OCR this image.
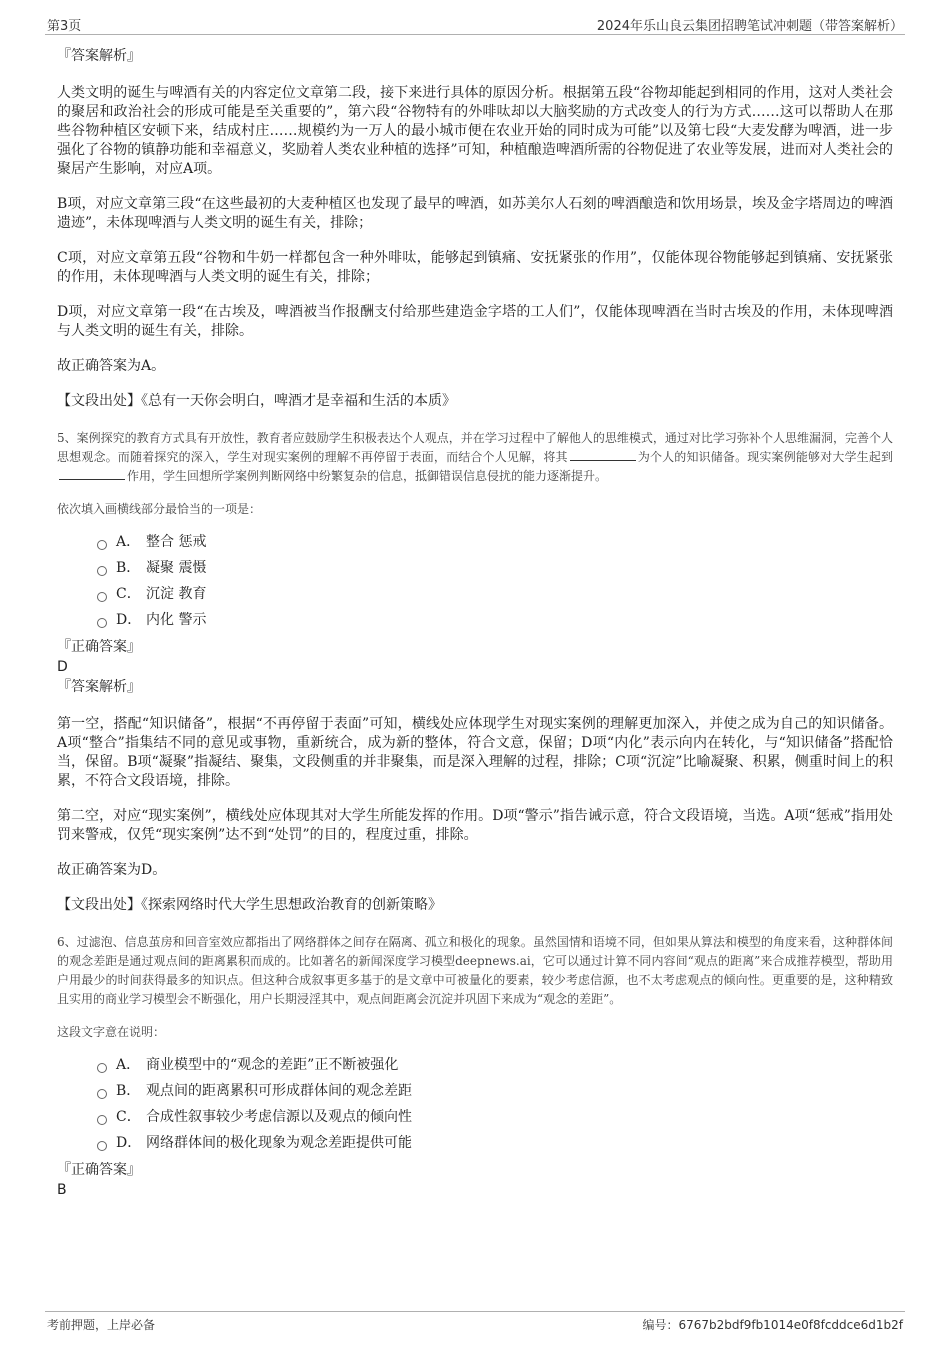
第3页	2024年乐山良云集团招聘笔试冲刺题（带答案解析）

『答案解析』

人类文明的诞生与啤酒有关的内容定位文章第二段，接下来进行具体的原因分析。根据第五段“谷物却能起到相同的作用，这对人类社会的聚居和政治社会的形成可能是至关重要的”，第六段“谷物特有的外啡呔却以大脑奖励的方式改变人的行为方式……这可以帮助人在那些谷物种植区安顿下来，结成村庄……规模约为一万人的最小城市便在农业开始的同时成为可能”以及第七段“大麦发酵为啤酒，进一步强化了谷物的镇静功能和幸福意义，奖励着人类农业种植的选择”可知，种植酿造啤酒所需的谷物促进了农业等发展，进而对人类社会的聚居产生影响，对应A项。

B项，对应文章第三段“在这些最初的大麦种植区也发现了最早的啤酒，如苏美尔人石刻的啤酒酿造和饮用场景，埃及金字塔周边的啤酒遗迹”，未体现啤酒与人类文明的诞生有关，排除；

C项，对应文章第五段“谷物和牛奶一样都包含一种外啡呔，能够起到镇痛、安抚紧张的作用”，仅能体现谷物能够起到镇痛、安抚紧张的作用，未体现啤酒与人类文明的诞生有关，排除；

D项，对应文章第一段“在古埃及，啤酒被当作报酬支付给那些建造金字塔的工人们”，仅能体现啤酒在当时古埃及的作用，未体现啤酒与人类文明的诞生有关，排除。

故正确答案为A。

【文段出处】《总有一天你会明白，啤酒才是幸福和生活的本质》

5、案例探究的教育方式具有开放性，教育者应鼓励学生积极表达个人观点，并在学习过程中了解他人的思维模式，通过对比学习弥补个人思维漏洞，完善个人思想观念。而随着探究的深入，学生对现实案例的理解不再停留于表面，而结合个人见解，将其	为个人的知识储备。现实案例能够对大学生起到作用，学生回想所学案例判断网络中纷繁复杂的信息，抵御错误信息侵扰的能力逐渐提升。

依次填入画横线部分最恰当的一项是：

A． 整合 惩戒
B． 凝聚 震慑
C． 沉淀 教育
D． 内化 警示

『正确答案』

D

『答案解析』

第一空，搭配“知识储备”，根据“不再停留于表面”可知，横线处应体现学生对现实案例的理解更加深入，并使之成为自己的知识储备。A项“整合”指集结不同的意见或事物，重新统合，成为新的整体，符合文意，保留；D项“内化”表示向内在转化，与“知识储备”搭配恰当，保留。B项“凝聚”指凝结、聚集，文段侧重的并非聚集，而是深入理解的过程，排除；C项“沉淀”比喻凝聚、积累，侧重时间上的积累，不符合文段语境，排除。

第二空，对应“现实案例”，横线处应体现其对大学生所能发挥的作用。D项“警示”指告诫示意，符合文段语境，当选。A项“惩戒”指用处罚来警戒，仅凭“现实案例”达不到“处罚”的目的，程度过重，排除。

故正确答案为D。

【文段出处】《探索网络时代大学生思想政治教育的创新策略》

6、过滤泡、信息茧房和回音室效应都指出了网络群体之间存在隔离、孤立和极化的现象。虽然国情和语境不同，但如果从算法和模型的角度来看，这种群体间的观念差距是通过观点间的距离累积而成的。比如著名的新闻深度学习模型deepnews.ai，它可以通过计算不同内容间“观点的距离”来合成推荐模型，帮助用户用最少的时间获得最多的知识点。但这种合成叙事更多基于的是文章中可被量化的要素，较少考虑信源，也不太考虑观点的倾向性。更重要的是，这种精致且实用的商业学习模型会不断强化，用户长期浸淫其中，观点间距离会沉淀并巩固下来成为“观念的差距”。

这段文字意在说明：

A． 商业模型中的“观念的差距”正不断被强化
B． 观点间的距离累积可形成群体间的观念差距
C． 合成性叙事较少考虑信源以及观点的倾向性
D． 网络群体间的极化现象为观念差距提供可能

『正确答案』

B

考前押题，上岸必备	编号：6767b2bdf9fb1014e0f8fcddce6d1b2f
